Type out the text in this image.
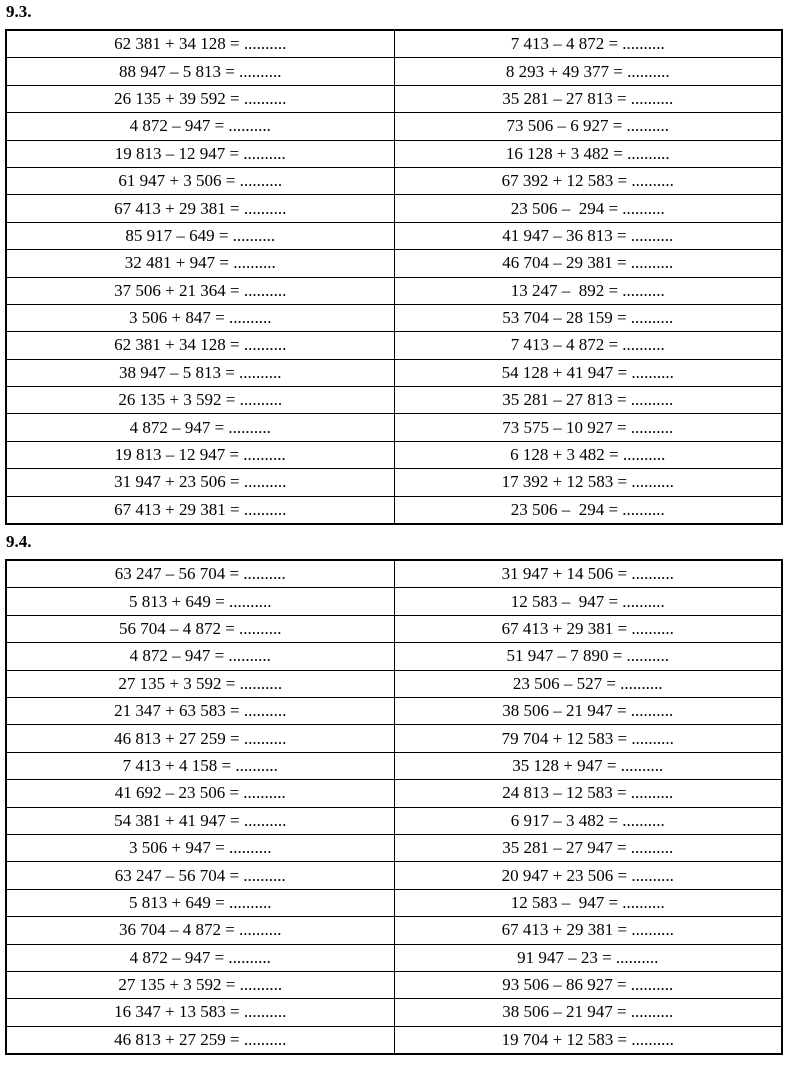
9.3.
62 381 + 34 128 = ..........	7 413 – 4 872 = ..........
88 947 – 5 813 = ..........	8 293 + 49 377 = ..........
26 135 + 39 592 = ..........	35 281 – 27 813 = ..........
4 872 – 947 = ..........	73 506 – 6 927 = ..........
19 813 – 12 947 = ..........	16 128 + 3 482 = ..........
61 947 + 3 506 = ..........	67 392 + 12 583 = ..........
67 413 + 29 381 = ..........	23 506 –  294 = ..........
85 917 – 649 = ..........	41 947 – 36 813 = ..........
32 481 + 947 = ..........	46 704 – 29 381 = ..........
37 506 + 21 364 = ..........	13 247 –  892 = ..........
3 506 + 847 = ..........	53 704 – 28 159 = ..........
62 381 + 34 128 = ..........	7 413 – 4 872 = ..........
38 947 – 5 813 = ..........	54 128 + 41 947 = ..........
26 135 + 3 592 = ..........	35 281 – 27 813 = ..........
4 872 – 947 = ..........	73 575 – 10 927 = ..........
19 813 – 12 947 = ..........	6 128 + 3 482 = ..........
31 947 + 23 506 = ..........	17 392 + 12 583 = ..........
67 413 + 29 381 = ..........	23 506 –  294 = ..........
9.4.
63 247 – 56 704 = ..........	31 947 + 14 506 = ..........
5 813 + 649 = ..........	12 583 –  947 = ..........
56 704 – 4 872 = ..........	67 413 + 29 381 = ..........
4 872 – 947 = ..........	51 947 – 7 890 = ..........
27 135 + 3 592 = ..........	23 506 – 527 = ..........
21 347 + 63 583 = ..........	38 506 – 21 947 = ..........
46 813 + 27 259 = ..........	79 704 + 12 583 = ..........
7 413 + 4 158 = ..........	35 128 + 947 = ..........
41 692 – 23 506 = ..........	24 813 – 12 583 = ..........
54 381 + 41 947 = ..........	6 917 – 3 482 = ..........
3 506 + 947 = ..........	35 281 – 27 947 = ..........
63 247 – 56 704 = ..........	20 947 + 23 506 = ..........
5 813 + 649 = ..........	12 583 –  947 = ..........
36 704 – 4 872 = ..........	67 413 + 29 381 = ..........
4 872 – 947 = ..........	91 947 – 23 = ..........
27 135 + 3 592 = ..........	93 506 – 86 927 = ..........
16 347 + 13 583 = ..........	38 506 – 21 947 = ..........
46 813 + 27 259 = ..........	19 704 + 12 583 = ..........
